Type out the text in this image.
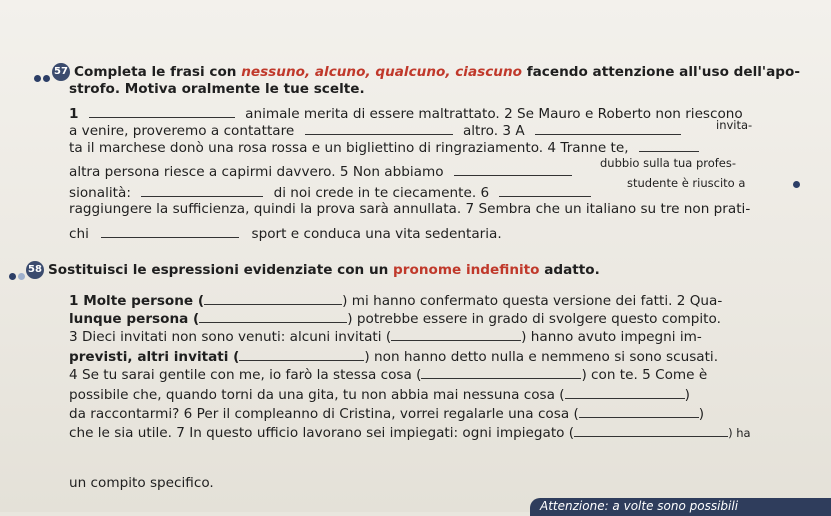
57 Completa le frasi con nessuno, alcuno, qualcuno, ciascuno facendo attenzione all'uso dell'apo-
strofo. Motiva oralmente le tue scelte.
1	animale merita di essere maltrattato. 2 Se Mauro e Roberto non riescono
a venire, proveremo a contattare	altro. 3 A	invita-
ta il marchese donò una rosa rossa e un bigliettino di ringraziamento. 4 Tranne te,
dubbio sulla tua profes-
altra persona riesce a capirmi davvero. 5 Non abbiamo
studente è riuscito a
sionalità:	di noi crede in te ciecamente. 6
raggiungere la sufficienza, quindi la prova sarà annullata. 7 Sembra che un italiano su tre non prati-
chi	sport e conduca una vita sedentaria.
58 Sostituisci le espressioni evidenziate con un pronome indefinito adatto.
1 Molte persone (	) mi hanno confermato questa versione dei fatti. 2 Qua-
lunque persona (	) potrebbe essere in grado di svolgere questo compito.
3 Dieci invitati non sono venuti: alcuni invitati (	) hanno avuto impegni im-
previsti, altri invitati (	) non hanno detto nulla e nemmeno si sono scusati.
4 Se tu sarai gentile con me, io farò la stessa cosa (	) con te. 5 Come è
possibile che, quando torni da una gita, tu non abbia mai nessuna cosa (	)
da raccontarmi? 6 Per il compleanno di Cristina, vorrei regalarle una cosa (	)
che le sia utile. 7 In questo ufficio lavorano sei impiegati: ogni impiegato (	) ha
un compito specifico.
Attenzione: a volte sono possibili
